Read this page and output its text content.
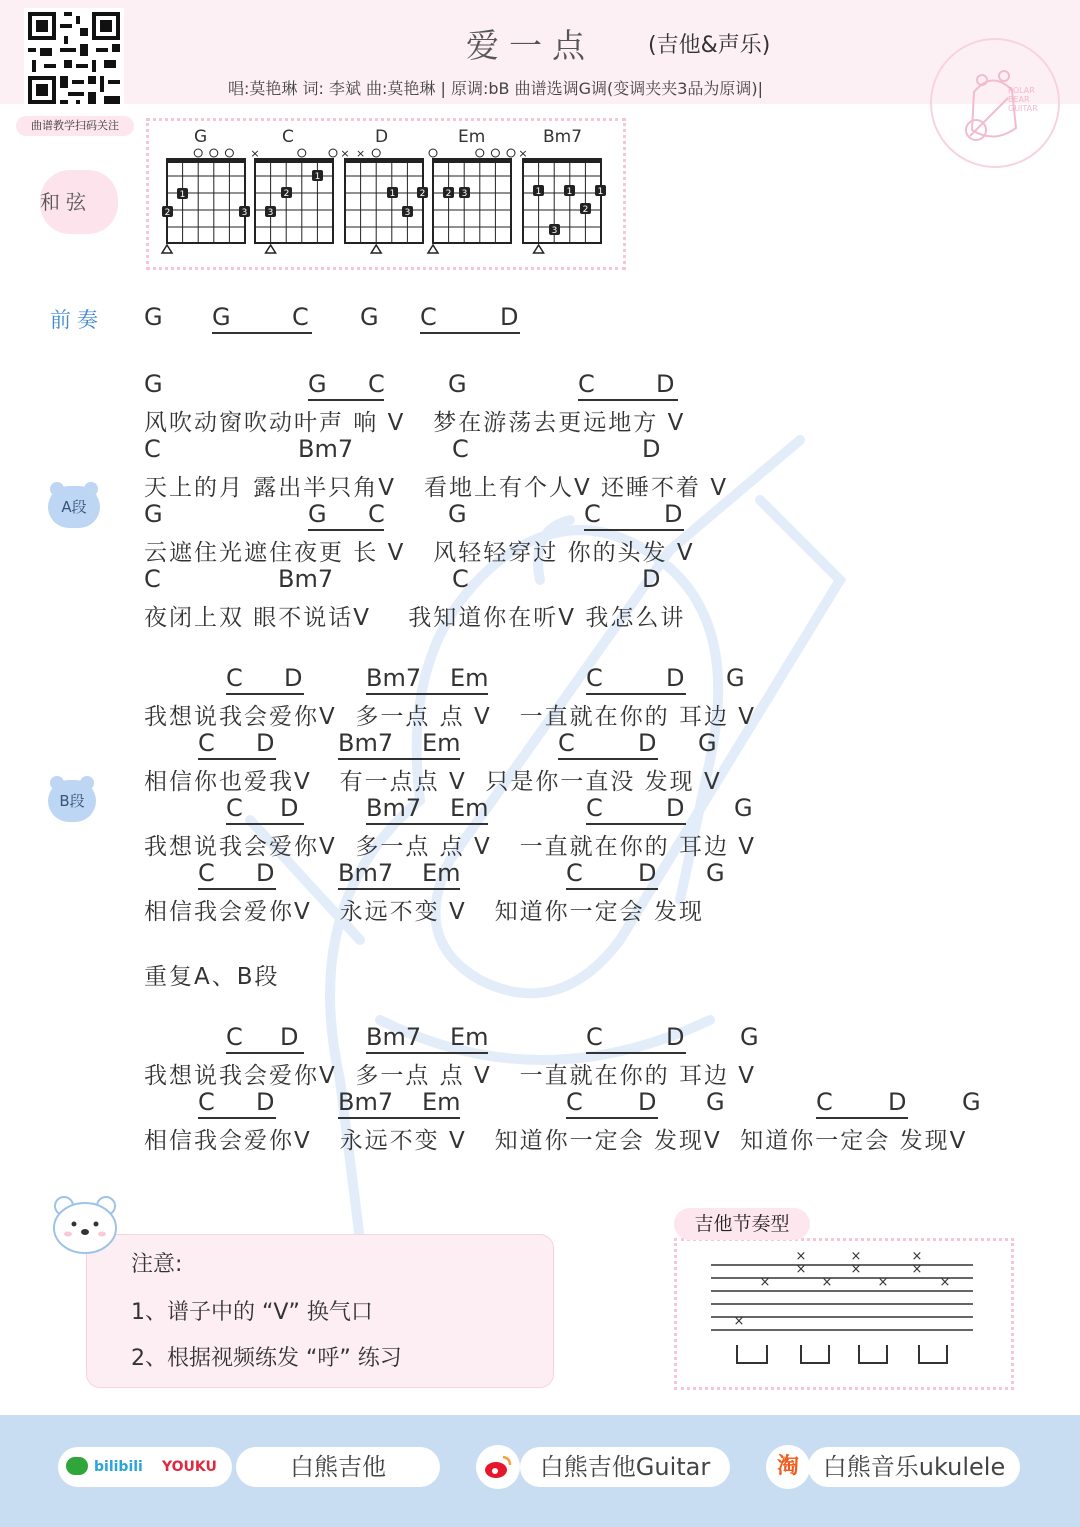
曲谱教学扫码关注
爱一点 (吉他&声乐)
唱:莫艳琳 词: 李斌 曲:莫艳琳 | 原调:bB 曲谱选调G调(变调夹夹3品为原调)|	POLAR
BEAR
GUITAR
和弦	1
2	3
×
1
2
3
× ×
1	2
3
2 3
×
1	1	1
2
3
G	C	D	Em	Bm7
前奏 G G	C G C	D
A段
G	G C	G	C	D
风吹动窗吹动叶声 响 V   梦在游荡去更远地方 V
C	Bm7	C	D
天上的月 露出半只角V   看地上有个人V 还睡不着 V
G	G C	G	C	D
云遮住光遮住夜更 长 V   风轻轻穿过 你的头发 V
C	Bm7	C	D
夜闭上双 眼不说话V    我知道你在听V 我怎么讲
B段
C D	Bm7 Em	C	D G
我想说我会爱你V  多一点 点 V   一直就在你的 耳边 V
C D	Bm7 Em	C	D G
相信你也爱我V   有一点点 V  只是你一直没 发现 V
C D	Bm7 Em	C	D G
我想说我会爱你V  多一点 点 V   一直就在你的 耳边 V
C D	Bm7 Em	C D G
相信我会爱你V   永远不变 V   知道你一定会 发现
重复A、B段
C D	Bm7 Em	C	D G
我想说我会爱你V  多一点 点 V   一直就在你的 耳边 V
C D	Bm7 Em	C D G	C D G
相信我会爱你V   永远不变 V   知道你一定会 发现V  知道你一定会 发现V
注意:
1、谱子中的 “V” 换气口
2、根据视频练发 “呼” 练习
×
×
×
×
×
×
×
×
×
×
×
吉他节奏型
bilibili YOUKU	白熊吉他	白熊吉他Guitar	淘 白熊音乐ukulele
